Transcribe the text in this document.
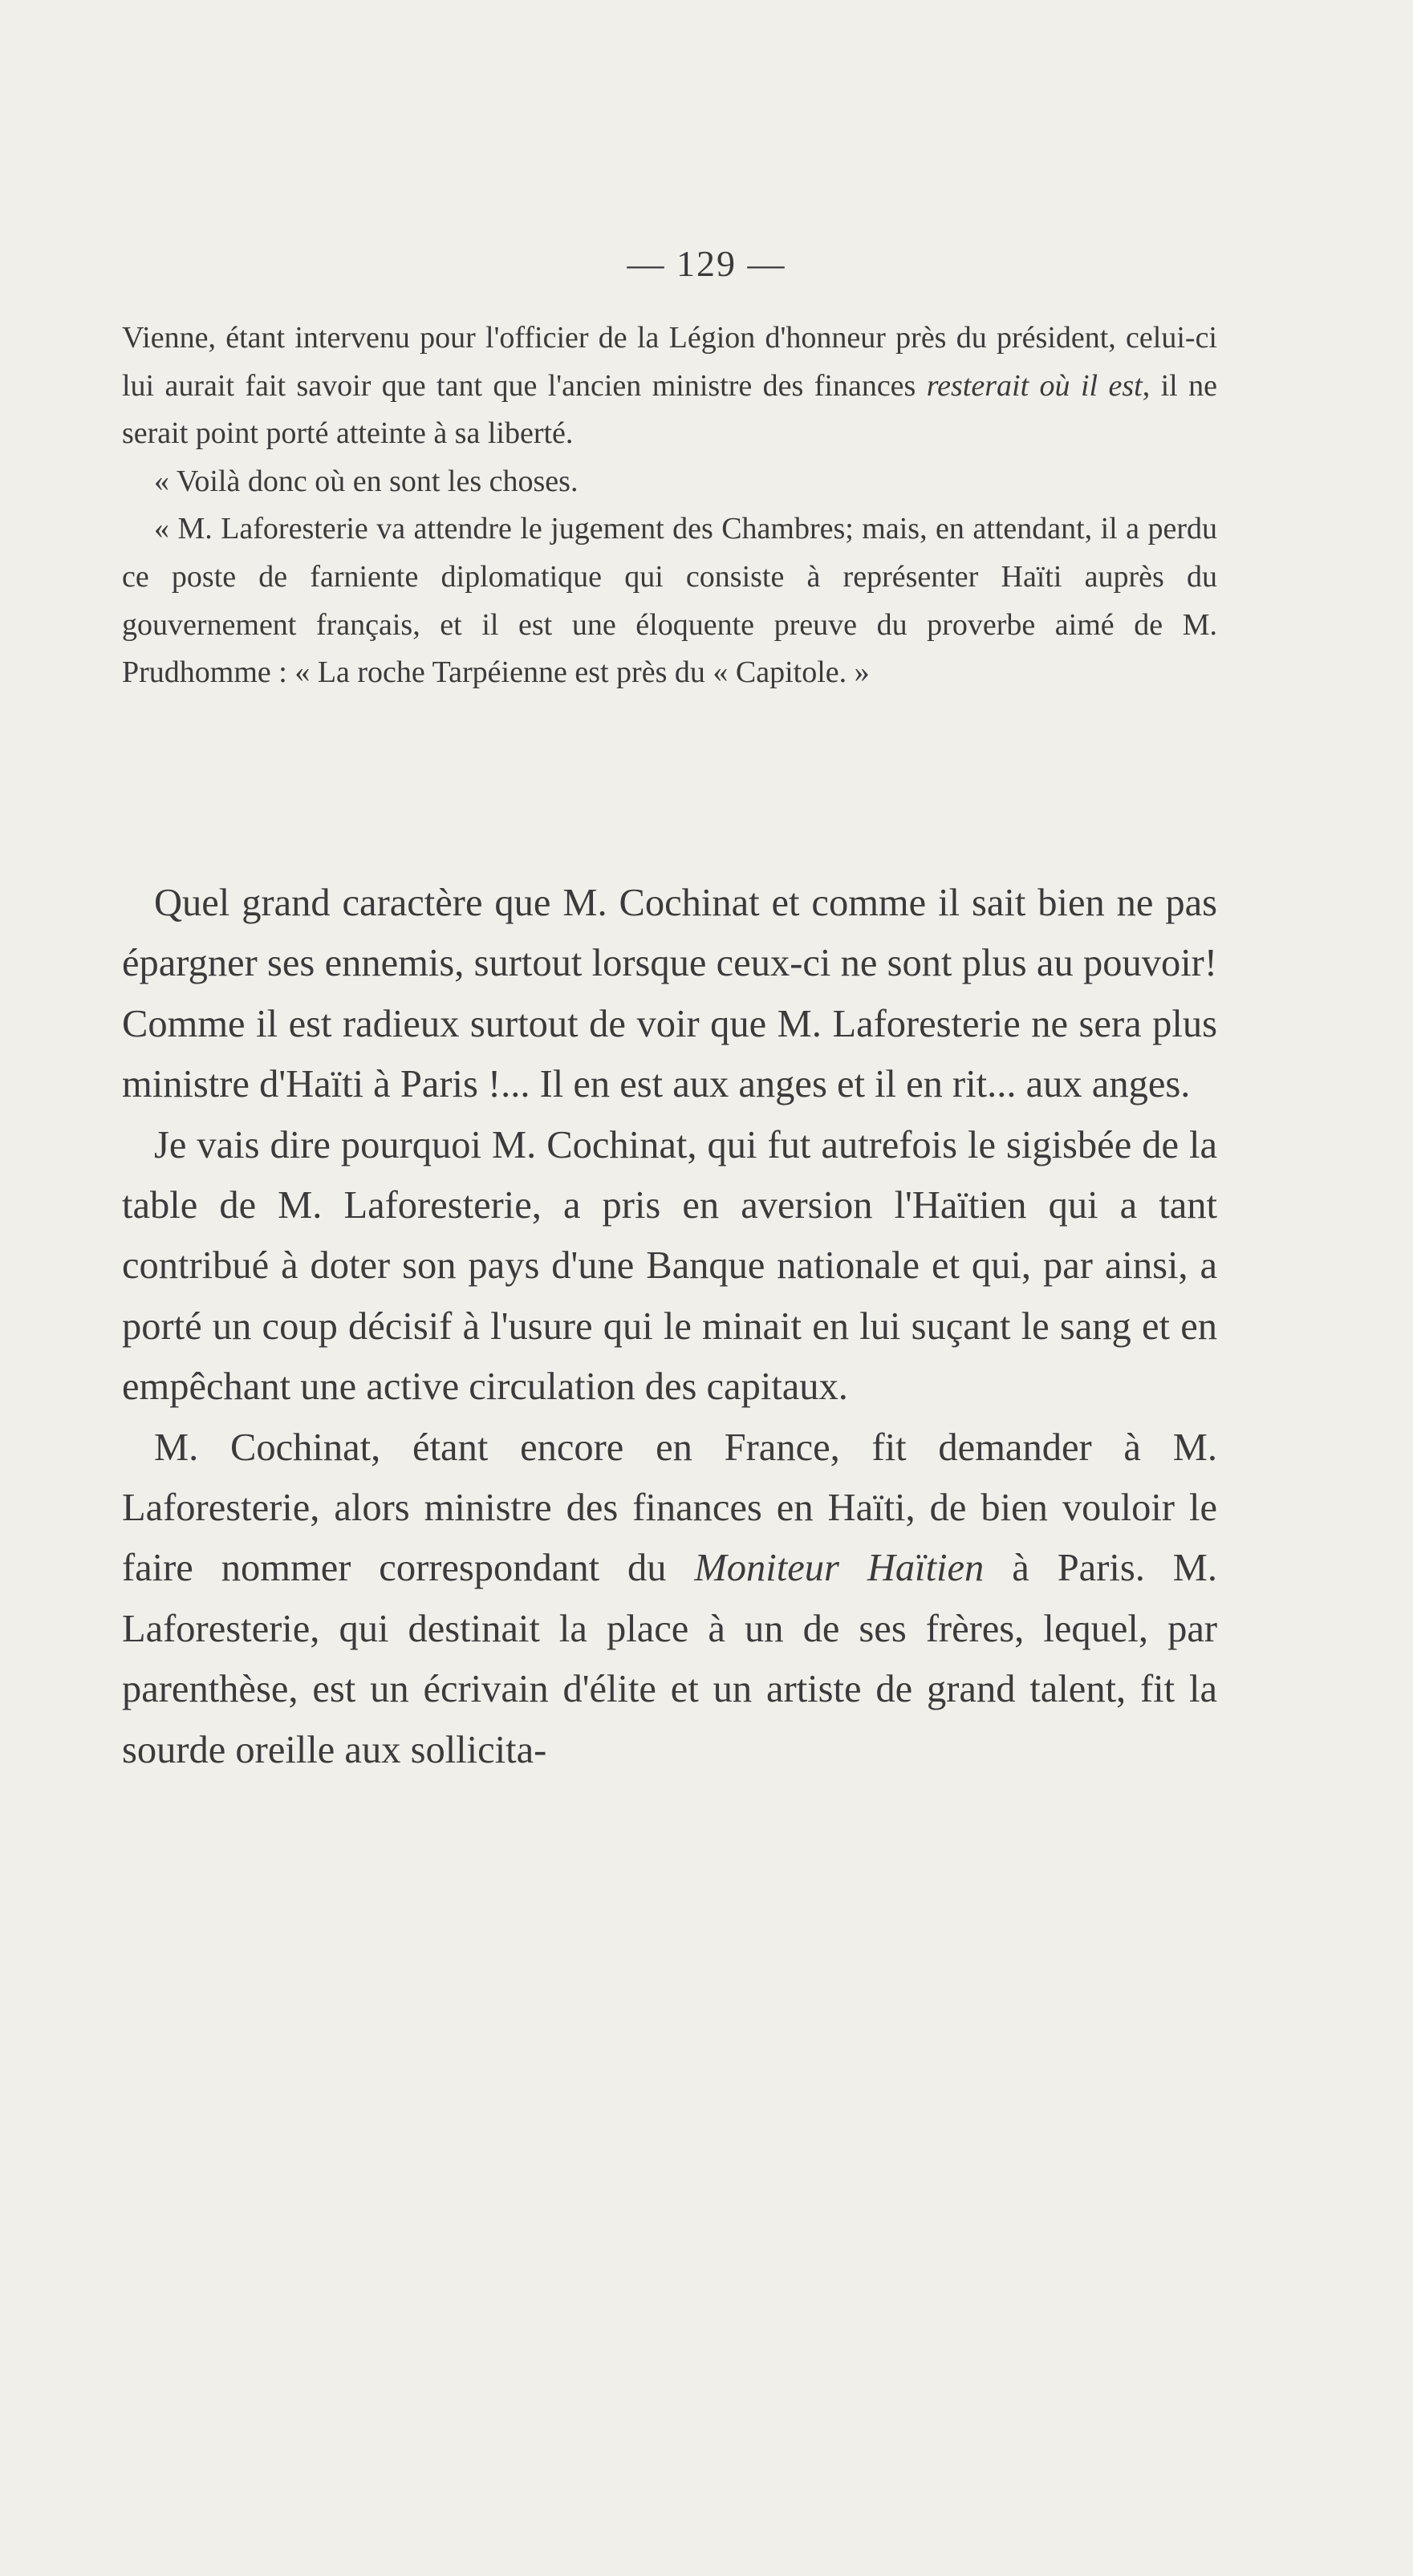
— 129 —

Vienne, étant intervenu pour l'officier de la Légion d'honneur près du président, celui-ci lui aurait fait savoir que tant que l'ancien ministre des finances resterait où il est, il ne serait point porté atteinte à sa liberté.

« Voilà donc où en sont les choses.

« M. Laforesterie va attendre le jugement des Chambres; mais, en attendant, il a perdu ce poste de farniente diplomatique qui consiste à représenter Haïti auprès du gouvernement français, et il est une éloquente preuve du proverbe aimé de M. Prudhomme : « La roche Tarpéienne est près du « Capitole. »

Quel grand caractère que M. Cochinat et comme il sait bien ne pas épargner ses ennemis, surtout lorsque ceux-ci ne sont plus au pouvoir! Comme il est radieux surtout de voir que M. Laforesterie ne sera plus ministre d'Haïti à Paris !... Il en est aux anges et il en rit... aux anges.

Je vais dire pourquoi M. Cochinat, qui fut autrefois le sigisbée de la table de M. Laforesterie, a pris en aversion l'Haïtien qui a tant contribué à doter son pays d'une Banque nationale et qui, par ainsi, a porté un coup décisif à l'usure qui le minait en lui suçant le sang et en empêchant une active circulation des capitaux.

M. Cochinat, étant encore en France, fit demander à M. Laforesterie, alors ministre des finances en Haïti, de bien vouloir le faire nommer correspondant du Moniteur Haïtien à Paris. M. Laforesterie, qui destinait la place à un de ses frères, lequel, par parenthèse, est un écrivain d'élite et un artiste de grand talent, fit la sourde oreille aux sollicita-
